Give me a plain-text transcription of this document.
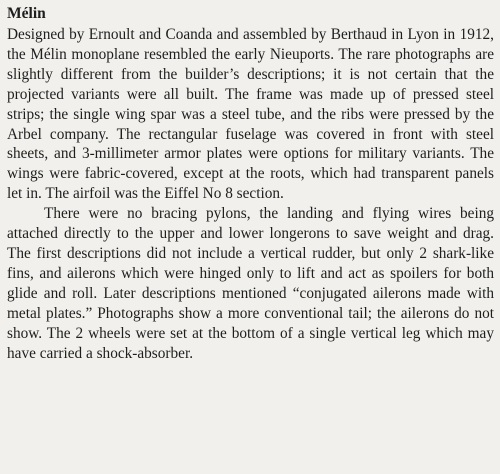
Mélin

Designed by Ernoult and Coanda and assembled by Berthaud in Lyon in 1912, the Mélin monoplane resembled the early Nieuports. The rare photographs are slightly different from the builder’s descriptions; it is not certain that the projected variants were all built. The frame was made up of pressed steel strips; the single wing spar was a steel tube, and the ribs were pressed by the Arbel company. The rectangular fuselage was covered in front with steel sheets, and 3-millimeter armor plates were options for military variants. The wings were fabric-covered, except at the roots, which had transparent panels let in. The airfoil was the Eiffel No 8 section.

There were no bracing pylons, the landing and flying wires being attached directly to the upper and lower longerons to save weight and drag. The first descriptions did not include a vertical rudder, but only 2 shark-like fins, and ailerons which were hinged only to lift and act as spoilers for both glide and roll. Later descriptions mentioned “conjugated ailerons made with metal plates.” Photographs show a more conventional tail; the ailerons do not show. The 2 wheels were set at the bottom of a single vertical leg which may have carried a shock-absorber.
